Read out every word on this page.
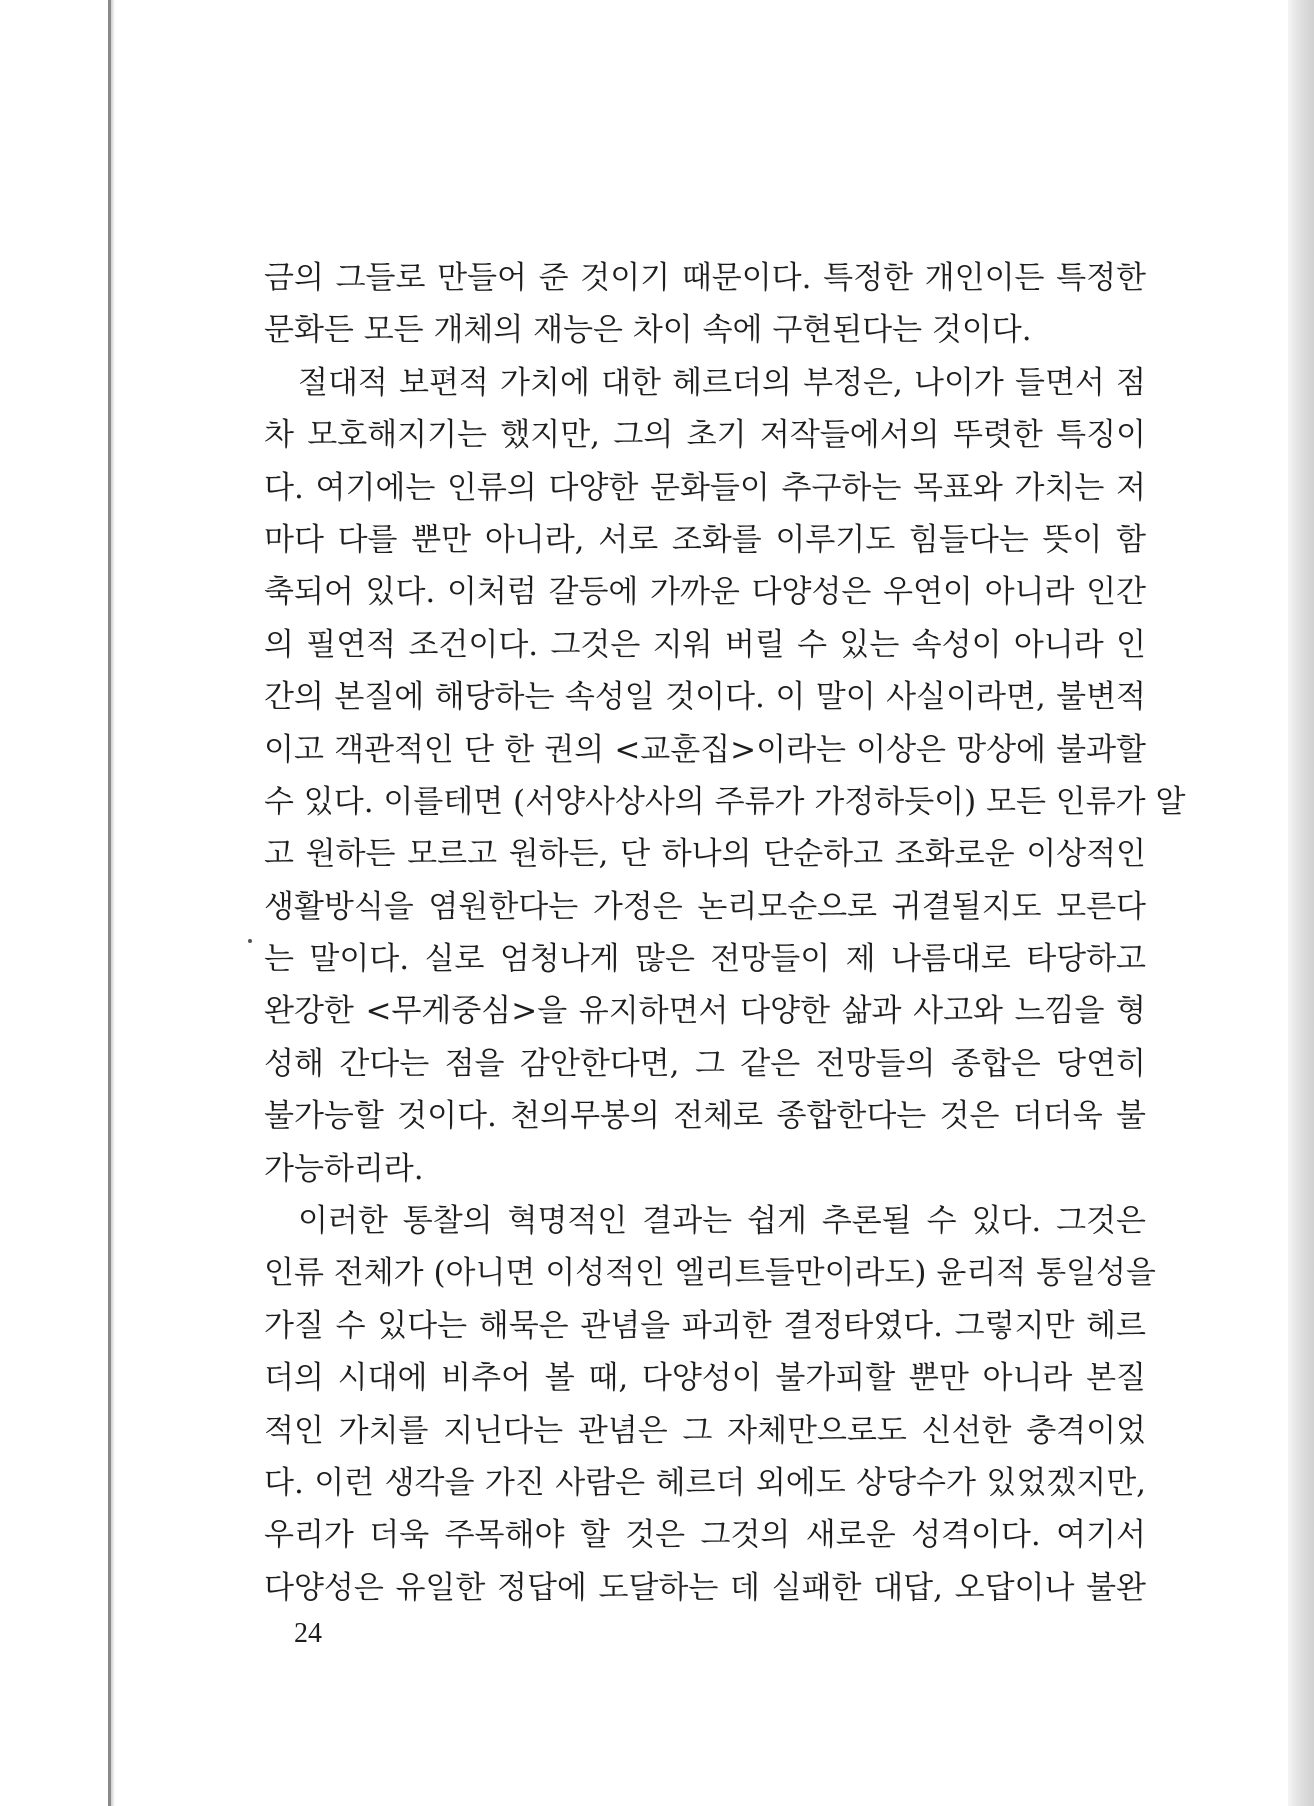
금의 그들로 만들어 준 것이기 때문이다. 특정한 개인이든 특정한
문화든 모든 개체의 재능은 차이 속에 구현된다는 것이다.
절대적 보편적 가치에 대한 헤르더의 부정은, 나이가 들면서 점
차 모호해지기는 했지만, 그의 초기 저작들에서의 뚜렷한 특징이
다. 여기에는 인류의 다양한 문화들이 추구하는 목표와 가치는 저
마다 다를 뿐만 아니라, 서로 조화를 이루기도 힘들다는 뜻이 함
축되어 있다. 이처럼 갈등에 가까운 다양성은 우연이 아니라 인간
의 필연적 조건이다. 그것은 지워 버릴 수 있는 속성이 아니라 인
간의 본질에 해당하는 속성일 것이다. 이 말이 사실이라면, 불변적
이고 객관적인 단 한 권의 <교훈집>이라는 이상은 망상에 불과할
수 있다. 이를테면 (서양사상사의 주류가 가정하듯이) 모든 인류가 알
고 원하든 모르고 원하든, 단 하나의 단순하고 조화로운 이상적인
생활방식을 염원한다는 가정은 논리모순으로 귀결될지도 모른다
는 말이다. 실로 엄청나게 많은 전망들이 제 나름대로 타당하고
완강한 <무게중심>을 유지하면서 다양한 삶과 사고와 느낌을 형
성해 간다는 점을 감안한다면, 그 같은 전망들의 종합은 당연히
불가능할 것이다. 천의무봉의 전체로 종합한다는 것은 더더욱 불
가능하리라.
이러한 통찰의 혁명적인 결과는 쉽게 추론될 수 있다. 그것은
인류 전체가 (아니면 이성적인 엘리트들만이라도) 윤리적 통일성을
가질 수 있다는 해묵은 관념을 파괴한 결정타였다. 그렇지만 헤르
더의 시대에 비추어 볼 때, 다양성이 불가피할 뿐만 아니라 본질
적인 가치를 지닌다는 관념은 그 자체만으로도 신선한 충격이었
다. 이런 생각을 가진 사람은 헤르더 외에도 상당수가 있었겠지만,
우리가 더욱 주목해야 할 것은 그것의 새로운 성격이다. 여기서
다양성은 유일한 정답에 도달하는 데 실패한 대답, 오답이나 불완
24
